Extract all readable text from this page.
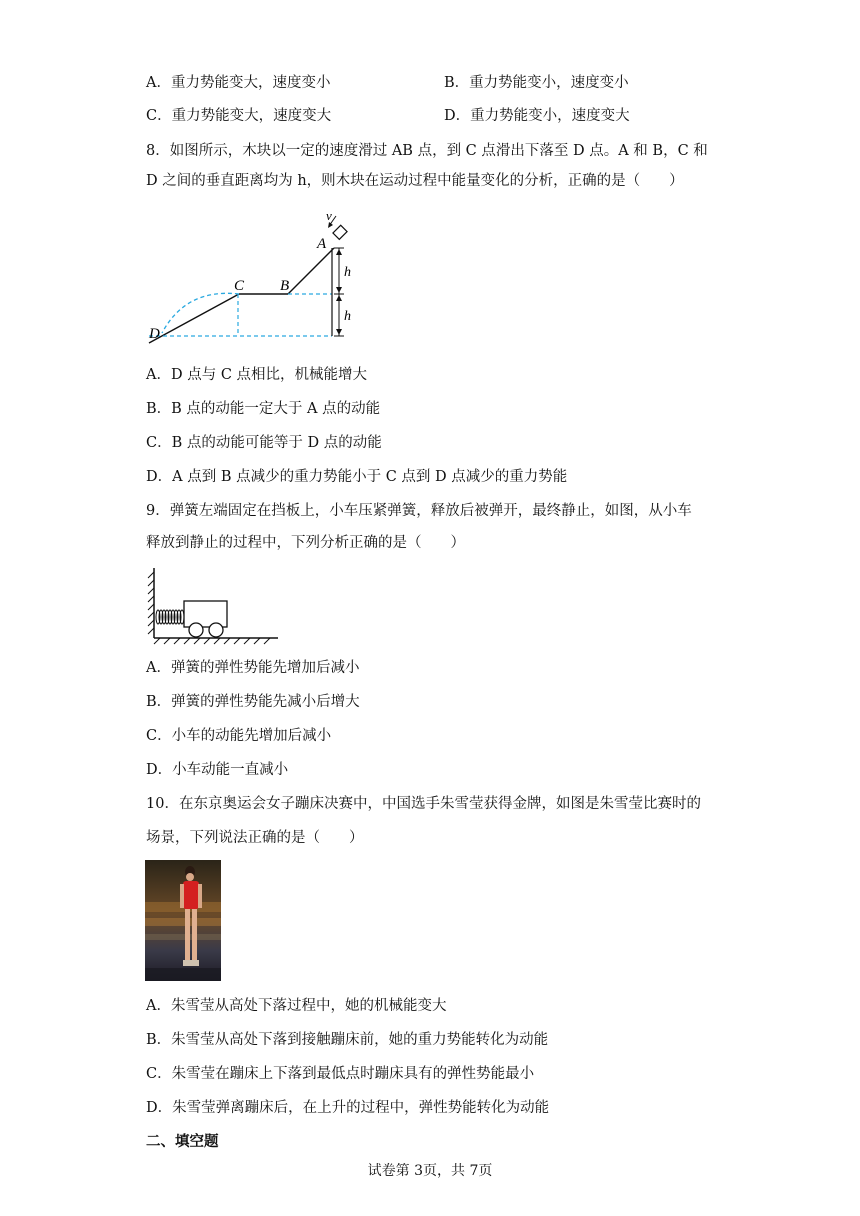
A．重力势能变大，速度变小	B．重力势能变小，速度变小
C．重力势能变大，速度变大	D．重力势能变小，速度变大
8．如图所示，木块以一定的速度滑过 AB 点，到 C 点滑出下落至 D 点。A 和 B，C 和
D 之间的垂直距离均为 h，则木块在运动过程中能量变化的分析，正确的是（　　）
v
A
B
C
D
h
h
A．D 点与 C 点相比，机械能增大
B．B 点的动能一定大于 A 点的动能
C．B 点的动能可能等于 D 点的动能
D．A 点到 B 点减少的重力势能小于 C 点到 D 点减少的重力势能
9．弹簧左端固定在挡板上，小车压紧弹簧，释放后被弹开，最终静止，如图，从小车
释放到静止的过程中，下列分析正确的是（　　）
A．弹簧的弹性势能先增加后减小
B．弹簧的弹性势能先减小后增大
C．小车的动能先增加后减小
D．小车动能一直减小
10．在东京奥运会女子蹦床决赛中，中国选手朱雪莹获得金牌，如图是朱雪莹比赛时的
场景，下列说法正确的是（　　）
A．朱雪莹从高处下落过程中，她的机械能变大
B．朱雪莹从高处下落到接触蹦床前，她的重力势能转化为动能
C．朱雪莹在蹦床上下落到最低点时蹦床具有的弹性势能最小
D．朱雪莹弹离蹦床后，在上升的过程中，弹性势能转化为动能
二、填空题
试卷第 3页，共 7页
